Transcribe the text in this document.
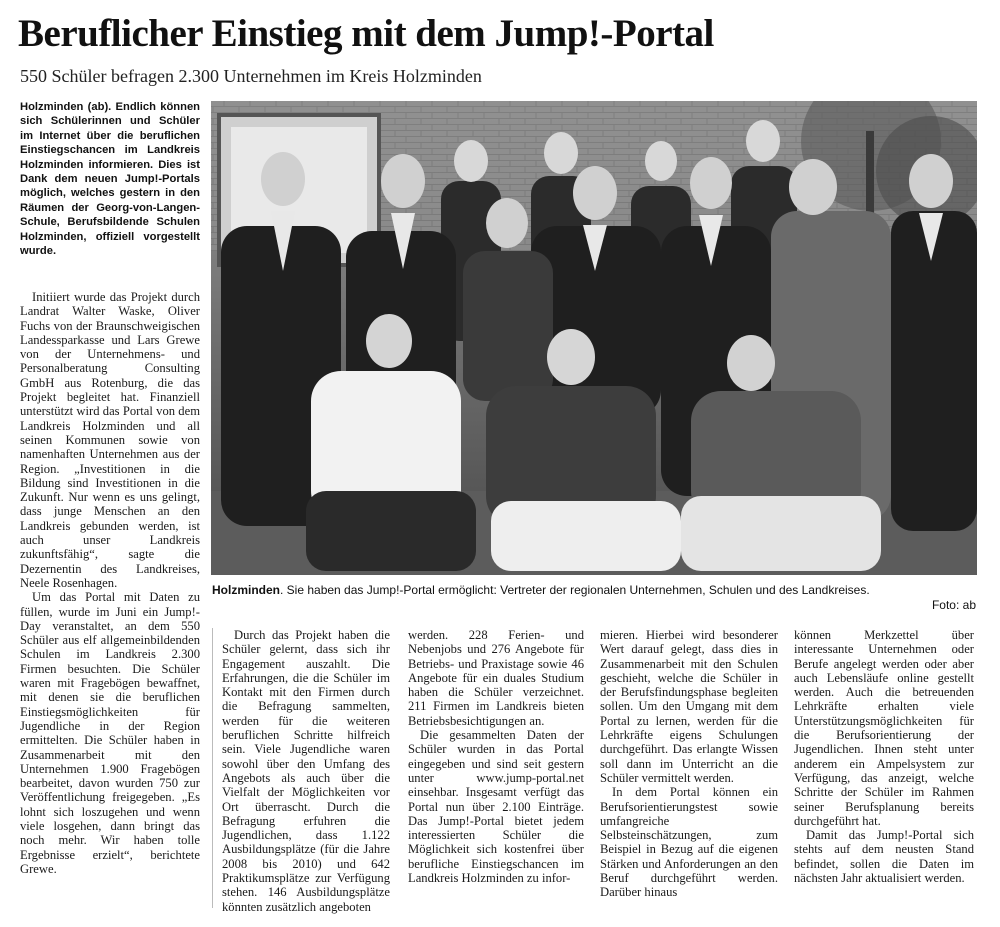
Beruflicher Einstieg mit dem Jump!-Portal
550 Schüler befragen 2.300 Unternehmen im Kreis Holzminden
Holzminden (ab). Endlich können sich Schülerinnen und Schüler im Internet über die beruflichen Einstiegschancen im Landkreis Holzminden informieren. Dies ist Dank dem neuen Jump!-Portals möglich, welches gestern in den Räumen der Georg-von-Langen-Schule, Berufsbildende Schulen Holzminden, offiziell vorgestellt wurde.

Initiiert wurde das Projekt durch Landrat Walter Waske, Oliver Fuchs von der Braunschweigischen Landessparkasse und Lars Grewe von der Unternehmens- und Personalberatung Consulting GmbH aus Rotenburg, die das Projekt begleitet hat. Finanziell unterstützt wird das Portal von dem Landkreis Holzminden und all seinen Kommunen sowie von namenhaften Unternehmen aus der Region. „Investitionen in die Bildung sind Investitionen in die Zukunft. Nur wenn es uns gelingt, dass junge Menschen an den Landkreis gebunden werden, ist auch unser Landkreis zukunftsfähig“, sagte die Dezernentin des Landkreises, Neele Rosenhagen.

Um das Portal mit Daten zu füllen, wurde im Juni ein Jump!-Day veranstaltet, an dem 550 Schüler aus elf allgemeinbildenden Schulen im Landkreis 2.300 Firmen besuchten. Die Schüler waren mit Fragebögen bewaffnet, mit denen sie die beruflichen Einstiegsmöglichkeiten für Jugendliche in der Region ermittelten. Die Schüler haben in Zusammenarbeit mit den Unternehmen 1.900 Fragebögen bearbeitet, davon wurden 750 zur Veröffentlichung freigegeben. „Es lohnt sich loszugehen und wenn viele losgehen, dann bringt das noch mehr. Wir haben tolle Ergebnisse erzielt“, berichtete Grewe.

Holzminden. Sie haben das Jump!-Portal ermöglicht: Vertreter der regionalen Unternehmen, Schulen und des Landkreises.
Foto: ab

Durch das Projekt haben die Schüler gelernt, dass sich ihr Engagement auszahlt. Die Erfahrungen, die die Schüler im Kontakt mit den Firmen durch die Befragung sammelten, werden für die weiteren beruflichen Schritte hilfreich sein. Viele Jugendliche waren sowohl über den Umfang des Angebots als auch über die Vielfalt der Möglichkeiten vor Ort überrascht. Durch die Befragung erfuhren die Jugendlichen, dass 1.122 Ausbildungsplätze (für die Jahre 2008 bis 2010) und 642 Praktikumsplätze zur Verfügung stehen. 146 Ausbildungsplätze könnten zusätzlich angeboten

werden. 228 Ferien- und Nebenjobs und 276 Angebote für Betriebs- und Praxistage sowie 46 Angebote für ein duales Studium haben die Schüler verzeichnet. 211 Firmen im Landkreis bieten Betriebsbesichtigungen an.

Die gesammelten Daten der Schüler wurden in das Portal eingegeben und sind seit gestern unter www.jump-portal.net einsehbar. Insgesamt verfügt das Portal nun über 2.100 Einträge. Das Jump!-Portal bietet jedem interessierten Schüler die Möglichkeit sich kostenfrei über berufliche Einstiegschancen im Landkreis Holzminden zu infor-

mieren. Hierbei wird besonderer Wert darauf gelegt, dass dies in Zusammenarbeit mit den Schulen geschieht, welche die Schüler in der Berufsfindungsphase begleiten sollen. Um den Umgang mit dem Portal zu lernen, werden für die Lehrkräfte eigens Schulungen durchgeführt. Das erlangte Wissen soll dann im Unterricht an die Schüler vermittelt werden.

In dem Portal können ein Berufsorientierungstest sowie umfangreiche Selbsteinschätzungen, zum Beispiel in Bezug auf die eigenen Stärken und Anforderungen an den Beruf durchgeführt werden. Darüber hinaus

können Merkzettel über interessante Unternehmen oder Berufe angelegt werden oder aber auch Lebensläufe online gestellt werden. Auch die betreuenden Lehrkräfte erhalten viele Unterstützungsmöglichkeiten für die Berufsorientierung der Jugendlichen. Ihnen steht unter anderem ein Ampelsystem zur Verfügung, das anzeigt, welche Schritte der Schüler im Rahmen seiner Berufsplanung bereits durchgeführt hat.

Damit das Jump!-Portal sich stehts auf dem neusten Stand befindet, sollen die Daten im nächsten Jahr aktualisiert werden.
